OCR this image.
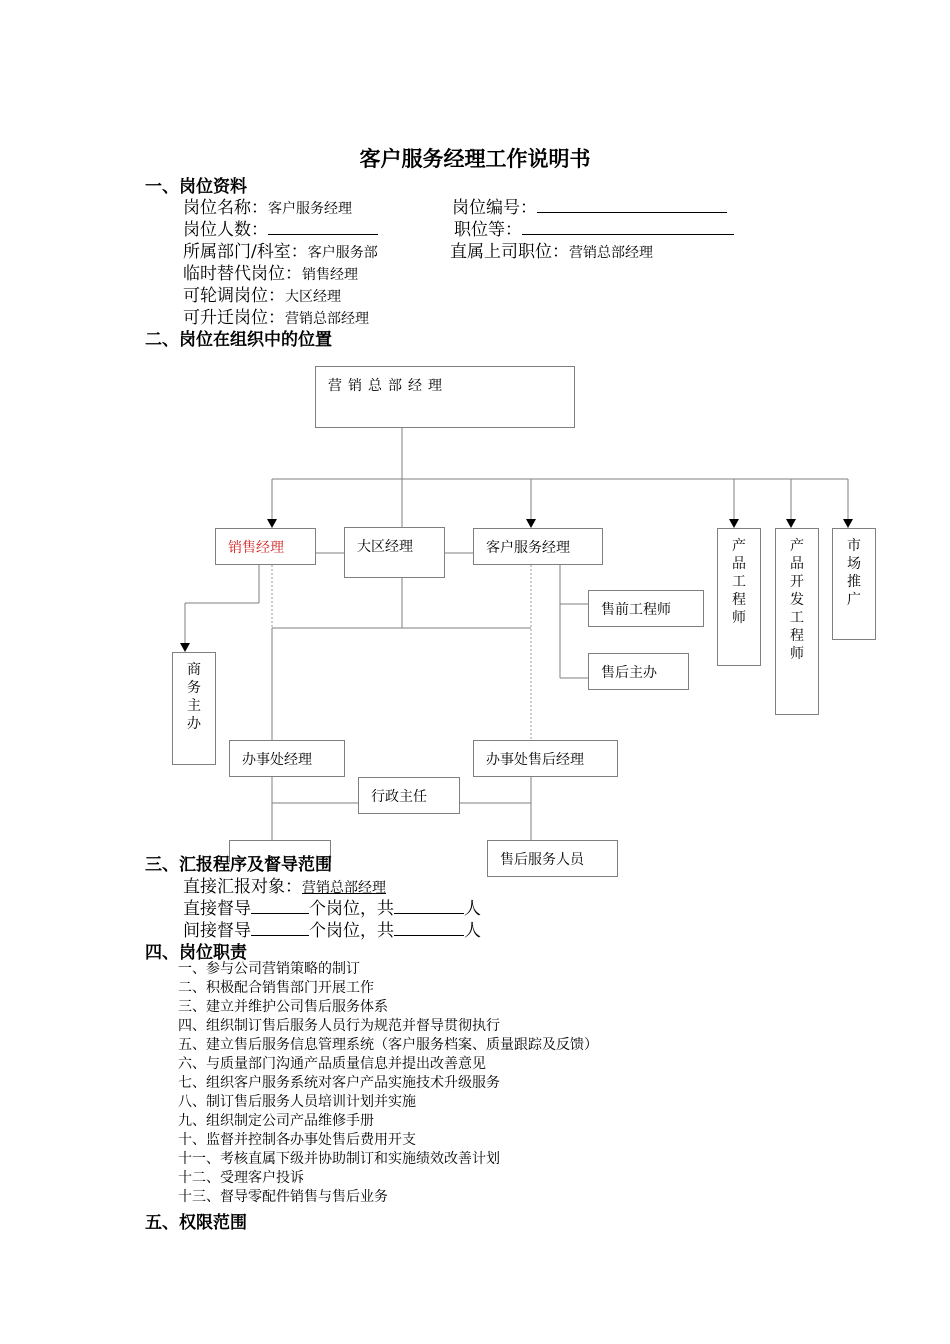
客户服务经理工作说明书
一、岗位资料
岗位名称：客户服务经理	岗位编号：
岗位人数：	职位等：
所属部门/科室：客户服务部	直属上司职位：营销总部经理
临时替代岗位：销售经理
可轮调岗位：大区经理
可升迁岗位：营销总部经理
二、岗位在组织中的位置
营销总部经理
销售经理	大区经理	客户服务经理	产品工程师
产品开发工程师
市场推广
售前工程师
售后主办
商务主办
办事处经理	办事处售后经理
行政主任
售后服务人员
三、汇报程序及督导范围
直接汇报对象：营销总部经理
直接督导	个岗位，共	人
间接督导	个岗位，共	人
四、岗位职责
一、参与公司营销策略的制订
二、积极配合销售部门开展工作
三、建立并维护公司售后服务体系
四、组织制订售后服务人员行为规范并督导贯彻执行
五、建立售后服务信息管理系统（客户服务档案、质量跟踪及反馈）
六、与质量部门沟通产品质量信息并提出改善意见
七、组织客户服务系统对客户产品实施技术升级服务
八、制订售后服务人员培训计划并实施
九、组织制定公司产品维修手册
十、监督并控制各办事处售后费用开支
十一、考核直属下级并协助制订和实施绩效改善计划
十二、受理客户投诉
十三、督导零配件销售与售后业务
五、权限范围
